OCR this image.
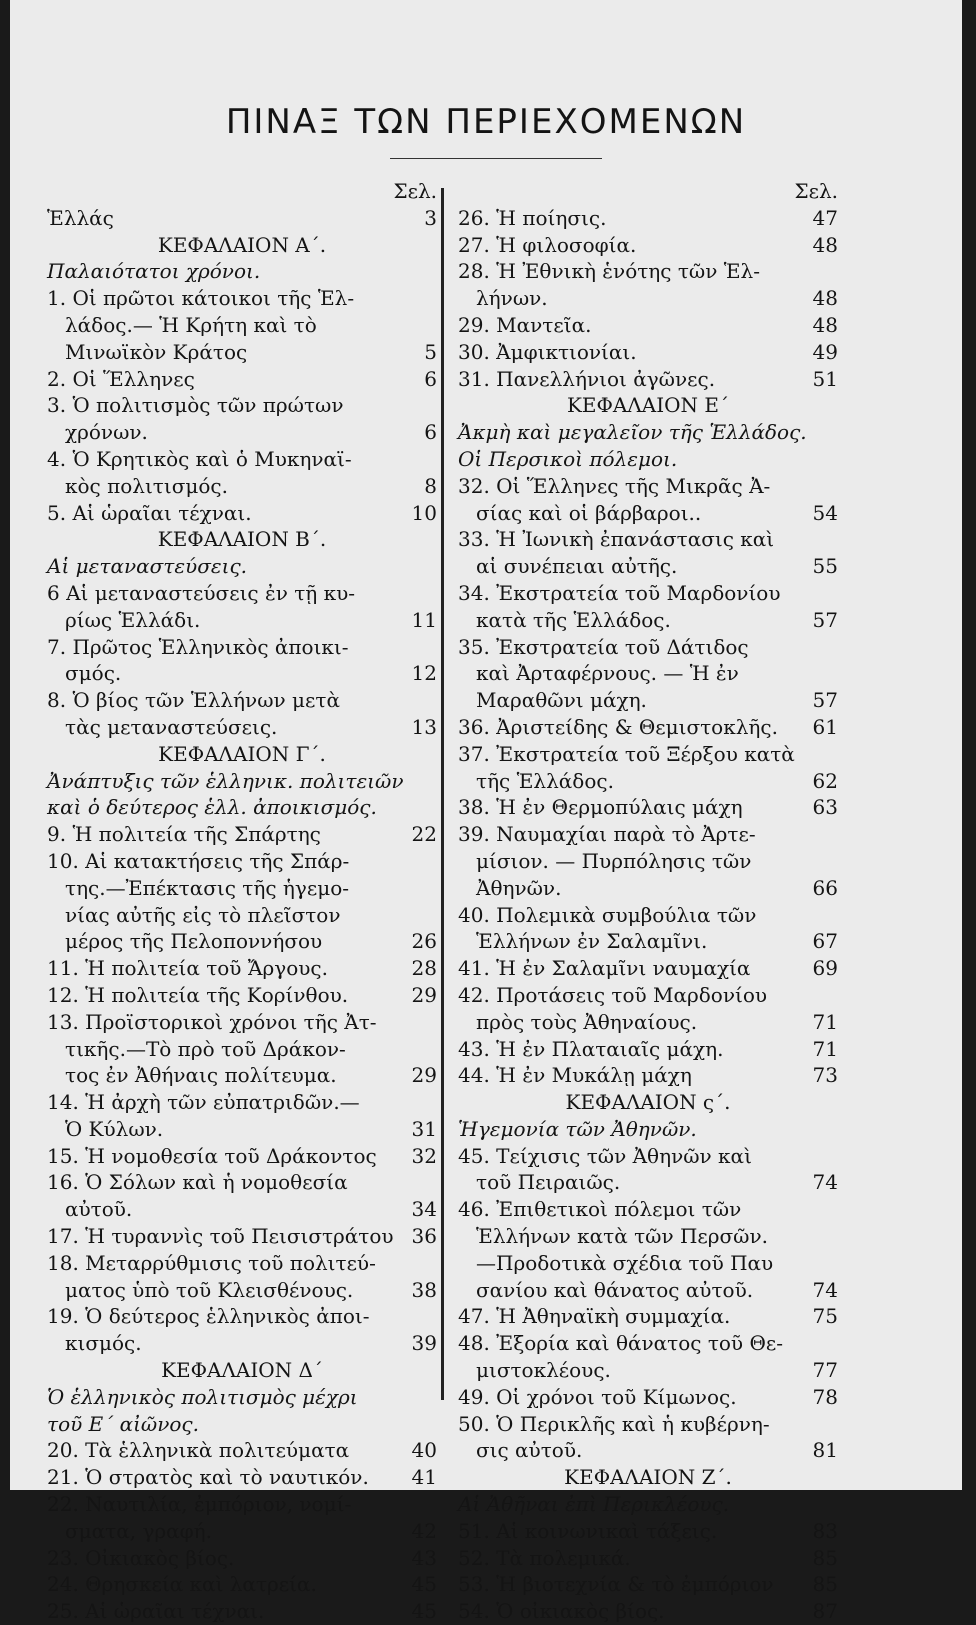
ΠΙΝΑΞ ΤΩΝ ΠΕΡΙΕΧΟΜΕΝΩΝ
Σελ.
Ἑλλάς	3
ΚΕΦΑΛΑΙΟΝ Α΄.
Παλαιότατοι χρόνοι.
1. Οἱ πρῶτοι κάτοικοι τῆς Ἑλ-
λάδος.— Ἡ Κρήτη καὶ τὸ
Μινωϊκὸν Κράτος	5
2. Οἱ Ἕλληνες	6
3. Ὁ πολιτισμὸς τῶν πρώτων
χρόνων.	6
4. Ὁ Κρητικὸς καὶ ὁ Μυκηναϊ-
κὸς πολιτισμός.	8
5. Αἱ ὡραῖαι τέχναι.	10
ΚΕΦΑΛΑΙΟΝ Β΄.
Αἱ μεταναστεύσεις.
6 Αἱ μεταναστεύσεις ἐν τῇ κυ-
ρίως Ἑλλάδι.	11
7. Πρῶτος Ἑλληνικὸς ἀποικι-
σμός.	12
8. Ὁ βίος τῶν Ἑλλήνων μετὰ
τὰς μεταναστεύσεις.	13
ΚΕΦΑΛΑΙΟΝ Γ΄.
Ἀνάπτυξις τῶν ἑλληνικ. πολιτειῶν
καὶ ὁ δεύτερος ἑλλ. ἀποικισμός.
9. Ἡ πολιτεία τῆς Σπάρτης	22
10. Αἱ κατακτήσεις τῆς Σπάρ-
της.—Ἐπέκτασις τῆς ἡγεμο-
νίας αὐτῆς εἰς τὸ πλεῖστον
μέρος τῆς Πελοποννήσου	26
11. Ἡ πολιτεία τοῦ Ἄργους.	28
12. Ἡ πολιτεία τῆς Κορίνθου.	29
13. Προϊστορικοὶ χρόνοι τῆς Ἀτ-
τικῆς.—Τὸ πρὸ τοῦ Δράκον-
τος ἐν Ἀθήναις πολίτευμα.	29
14. Ἡ ἀρχὴ τῶν εὐπατριδῶν.—
Ὁ Κύλων.	31
15. Ἡ νομοθεσία τοῦ Δράκοντος 32
16. Ὁ Σόλων καὶ ἡ νομοθεσία
αὐτοῦ.	34
17. Ἡ τυραννὶς τοῦ Πεισιστράτου 36
18. Μεταρρύθμισις τοῦ πολιτεύ-
ματος ὑπὸ τοῦ Κλεισθένους.	38
19. Ὁ δεύτερος ἑλληνικὸς ἀποι-
κισμός.	39
ΚΕΦΑΛΑΙΟΝ Δ΄
Ὁ ἑλληνικὸς πολιτισμὸς μέχρι
τοῦ Ε΄ αἰῶνος.
20. Τὰ ἑλληνικὰ πολιτεύματα	40
21. Ὁ στρατὸς καὶ τὸ ναυτικόν. 41
22. Ναυτιλία, ἐμπόριον, νομί-
σματα, γραφή.	42
23. Οἰκιακὸς βίος.	43
24. Θρησκεία καὶ λατρεία.	45
25. Αἱ ὡραῖαι τέχναι.	45
Σελ.
26. Ἡ ποίησις.	47
27. Ἡ φιλοσοφία.	48
28. Ἡ Ἐθνικὴ ἑνότης τῶν Ἑλ-
λήνων.	48
29. Μαντεῖα.	48
30. Ἀμφικτιονίαι.	49
31. Πανελλήνιοι ἀγῶνες.	51
ΚΕΦΑΛΑΙΟΝ Ε΄
Ἀκμὴ καὶ μεγαλεῖον τῆς Ἑλλάδος.
Οἱ Περσικοὶ πόλεμοι.
32. Οἱ Ἕλληνες τῆς Μικρᾶς Ἀ-
σίας καὶ οἱ βάρβαροι..	54
33. Ἡ Ἰωνικὴ ἐπανάστασις καὶ
αἱ συνέπειαι αὐτῆς.	55
34. Ἐκστρατεία τοῦ Μαρδονίου
κατὰ τῆς Ἑλλάδος.	57
35. Ἐκστρατεία τοῦ Δάτιδος
καὶ Ἀρταφέρνους. — Ἡ ἐν
Μαραθῶνι μάχη.	57
36. Ἀριστείδης & Θεμιστοκλῆς. 61
37. Ἐκστρατεία τοῦ Ξέρξου κατὰ
τῆς Ἑλλάδος.	62
38. Ἡ ἐν Θερμοπύλαις μάχη	63
39. Ναυμαχίαι παρὰ τὸ Ἀρτε-
μίσιον. — Πυρπόλησις τῶν
Ἀθηνῶν.	66
40. Πολεμικὰ συμβούλια τῶν
Ἑλλήνων ἐν Σαλαμῖνι.	67
41. Ἡ ἐν Σαλαμῖνι ναυμαχία	69
42. Προτάσεις τοῦ Μαρδονίου
πρὸς τοὺς Ἀθηναίους.	71
43. Ἡ ἐν Πλαταιαῖς μάχη.	71
44. Ἡ ἐν Μυκάλῃ μάχη	73
ΚΕΦΑΛΑΙΟΝ ς΄.
Ἡγεμονία τῶν Ἀθηνῶν.
45. Τείχισις τῶν Ἀθηνῶν καὶ
τοῦ Πειραιῶς.	74
46. Ἐπιθετικοὶ πόλεμοι τῶν
Ἑλλήνων κατὰ τῶν Περσῶν.
—Προδοτικὰ σχέδια τοῦ Παυ
σανίου καὶ θάνατος αὐτοῦ.	74
47. Ἡ Ἀθηναϊκὴ συμμαχία.	75
48. Ἐξορία καὶ θάνατος τοῦ Θε-
μιστοκλέους.	77
49. Οἱ χρόνοι τοῦ Κίμωνος.	78
50. Ὁ Περικλῆς καὶ ἡ κυβέρνη-
σις αὐτοῦ.	81
ΚΕΦΑΛΑΙΟΝ Ζ΄.
Αἱ Ἀθῆναι ἐπὶ Περικλέους.
51. Αἱ κοινωνικαὶ τάξεις.	83
52. Τὰ πολεμικά.	85
53. Ἡ βιοτεχνία & τὸ ἐμπόριον 85
54. Ὁ οἰκιακὸς βίος.	87
